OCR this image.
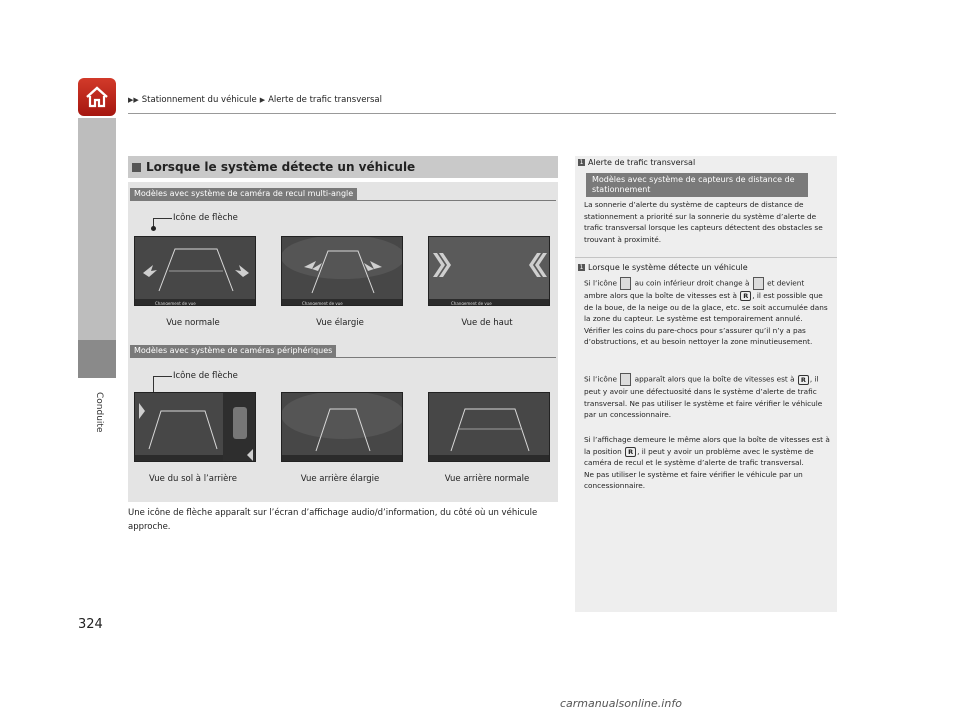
▶▶ Stationnement du véhicule ▶ Alerte de trafic transversal
Conduite
324
Lorsque le système détecte un véhicule
Modèles avec système de caméra de recul multi-angle
Icône de flèche
Changement de vue	Changement de vue	Changement de vue
Vue normale	Vue élargie	Vue de haut
Modèles avec système de caméras périphériques
Icône de flèche
Vue du sol à l’arrière	Vue arrière élargie	Vue arrière normale
Une icône de flèche apparaît sur l’écran d’affichage audio/d’information, du côté où un véhicule approche.
1 Alerte de trafic transversal
Modèles avec système de capteurs de distance de stationnement
La sonnerie d’alerte du système de capteurs de distance de stationnement a priorité sur la sonnerie du système d’alerte de trafic transversal lorsque les capteurs détectent des obstacles se trouvant à proximité.
1 Lorsque le système détecte un véhicule
Si l’icône au coin inférieur droit change à et devient ambre alors que la boîte de vitesses est à R , il est possible que de la boue, de la neige ou de la glace, etc. se soit accumulée dans la zone du capteur. Le système est temporairement annulé. Vérifier les coins du pare-chocs pour s’assurer qu’il n’y a pas d’obstructions, et au besoin nettoyer la zone minutieusement.
Si l’icône apparaît alors que la boîte de vitesses est à R , il peut y avoir une défectuosité dans le système d’alerte de trafic transversal. Ne pas utiliser le système et faire vérifier le véhicule par un concessionnaire.
Si l’affichage demeure le même alors que la boîte de vitesses est à la position R , il peut y avoir un problème avec le système de caméra de recul et le système d’alerte de trafic transversal.
Ne pas utiliser le système et faire vérifier le véhicule par un concessionnaire.
carmanualsonline.info
